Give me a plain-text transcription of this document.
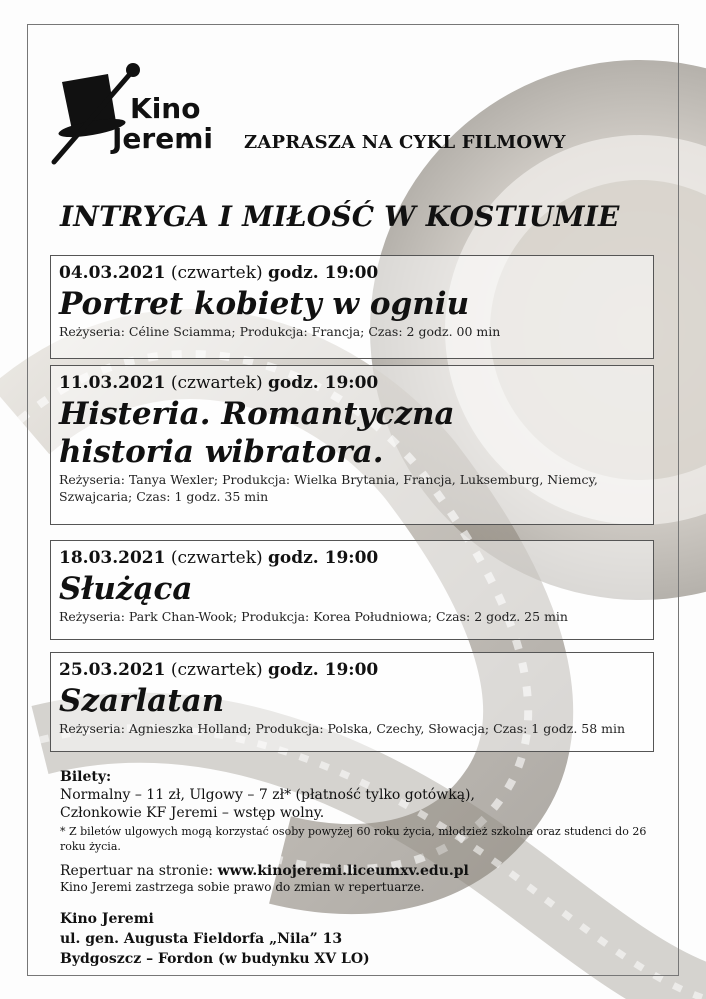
Kino
Jeremi ZAPRASZA NA CYKL FILMOWY
INTRYGA I MIŁOŚĆ W KOSTIUMIE
04.03.2021 (czwartek) godz. 19:00
Portret kobiety w ogniu
Reżyseria: Céline Sciamma; Produkcja: Francja; Czas: 2 godz. 00 min
11.03.2021 (czwartek) godz. 19:00
Histeria. Romantyczna historia wibratora.
Reżyseria: Tanya Wexler; Produkcja: Wielka Brytania, Francja, Luksemburg, Niemcy, Szwajcaria; Czas: 1 godz. 35 min
18.03.2021 (czwartek) godz. 19:00
Służąca
Reżyseria: Park Chan-Wook; Produkcja: Korea Południowa; Czas: 2 godz. 25 min
25.03.2021 (czwartek) godz. 19:00
Szarlatan
Reżyseria: Agnieszka Holland; Produkcja: Polska, Czechy, Słowacja; Czas: 1 godz. 58 min
Bilety:
Normalny – 11 zł, Ulgowy – 7 zł* (płatność tylko gotówką),
Członkowie KF Jeremi – wstęp wolny.
* Z biletów ulgowych mogą korzystać osoby powyżej 60 roku życia, młodzież szkolna oraz studenci do 26 roku życia.
Repertuar na stronie: www.kinojeremi.liceumxv.edu.pl
Kino Jeremi zastrzega sobie prawo do zmian w repertuarze.
Kino Jeremi
ul. gen. Augusta Fieldorfa „Nila” 13
Bydgoszcz – Fordon (w budynku XV LO)
